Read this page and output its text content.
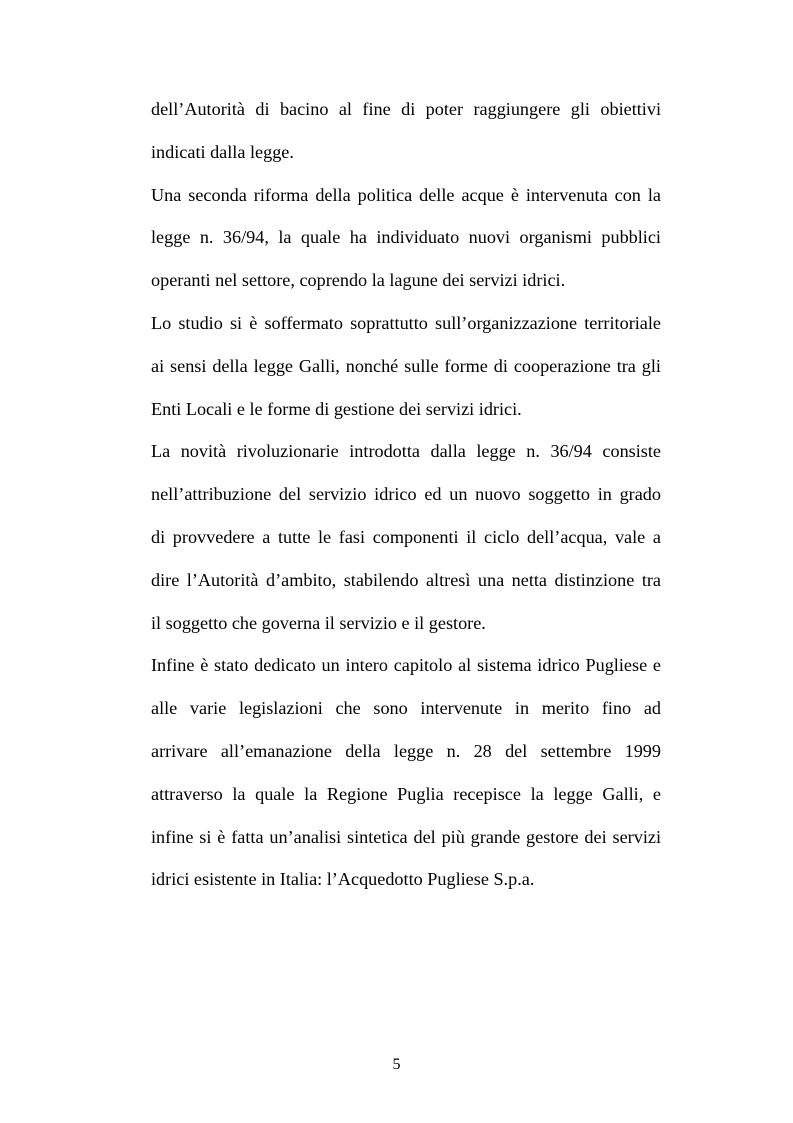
dell’Autorità di bacino al fine di poter raggiungere gli obiettivi
indicati dalla legge.
Una seconda riforma della politica delle acque è intervenuta con la
legge n. 36/94, la quale ha individuato nuovi organismi pubblici
operanti nel settore, coprendo la lagune dei servizi idrici.
Lo studio si è soffermato soprattutto sull’organizzazione territoriale
ai sensi della legge Galli, nonché sulle forme di cooperazione tra gli
Enti Locali e le forme di gestione dei servizi idrici.
La novità rivoluzionarie introdotta dalla legge n. 36/94 consiste
nell’attribuzione del servizio idrico ed un nuovo soggetto in grado
di provvedere a tutte le fasi componenti il ciclo dell’acqua, vale a
dire l’Autorità d’ambito, stabilendo altresì una netta distinzione tra
il soggetto che governa il servizio e il gestore.
Infine è stato dedicato un intero capitolo al sistema idrico Pugliese e
alle varie legislazioni che sono intervenute in merito fino ad
arrivare all’emanazione della legge n. 28 del settembre 1999
attraverso la quale la Regione Puglia recepisce la legge Galli, e
infine si è fatta un’analisi sintetica del più grande gestore dei servizi
idrici esistente in Italia: l’Acquedotto Pugliese S.p.a.
5
